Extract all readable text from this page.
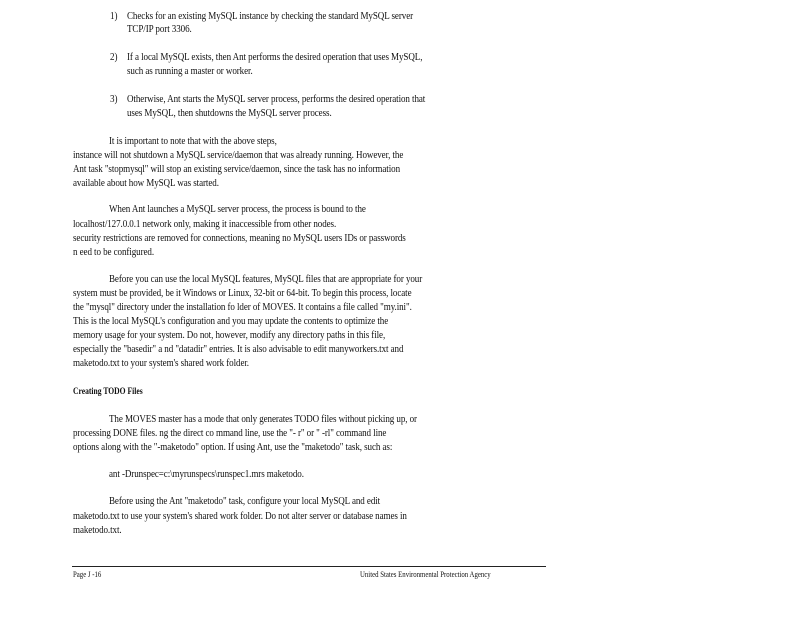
1) Checks for an existing MySQL instance by checking the standard MySQL server
TCP/IP port 3306.
2) If a local MySQL exists, then Ant performs the desired operation that uses MySQL,
such as running a master or worker.
3) Otherwise, Ant starts the MySQL server process, performs the desired operation that
uses MySQL, then shutdowns the MySQL server process.
It is important to note that with the above steps,
instance will not shutdown a MySQL service/daemon that was already running. However, the
Ant task "stopmysql" will stop an existing service/daemon, since the task has no information
available about how MySQL was started.
When Ant launches a MySQL server process, the process is bound to the
localhost/127.0.0.1 network only, making it inaccessible from other nodes.
security restrictions are removed for connections, meaning no MySQL users IDs or passwords
n eed to be configured.
Before you can use the local MySQL features, MySQL files that are appropriate for your
system must be provided, be it Windows or Linux, 32-bit or 64-bit. To begin this process, locate
the "mysql" directory under the installation fo lder of MOVES. It contains a file called "my.ini".
This is the local MySQL's configuration and you may update the contents to optimize the
memory usage for your system. Do not, however, modify any directory paths in this file,
especially the "basedir" a nd "datadir" entries. It is also advisable to edit manyworkers.txt and
maketodo.txt to your system's shared work folder.
Creating TODO Files
The MOVES master has a mode that only generates TODO files without picking up, or
processing DONE files. ng the direct co mmand line, use the "- r" or " -rl" command line
options along with the "-maketodo" option. If using Ant, use the "maketodo" task, such as:
ant -Drunspec=c:\myrunspecs\runspec1.mrs maketodo.
Before using the Ant "maketodo" task, configure your local MySQL and edit
maketodo.txt to use your system's shared work folder. Do not alter server or database names in
maketodo.txt.
Page J -16	United States Environmental Protection Agency
